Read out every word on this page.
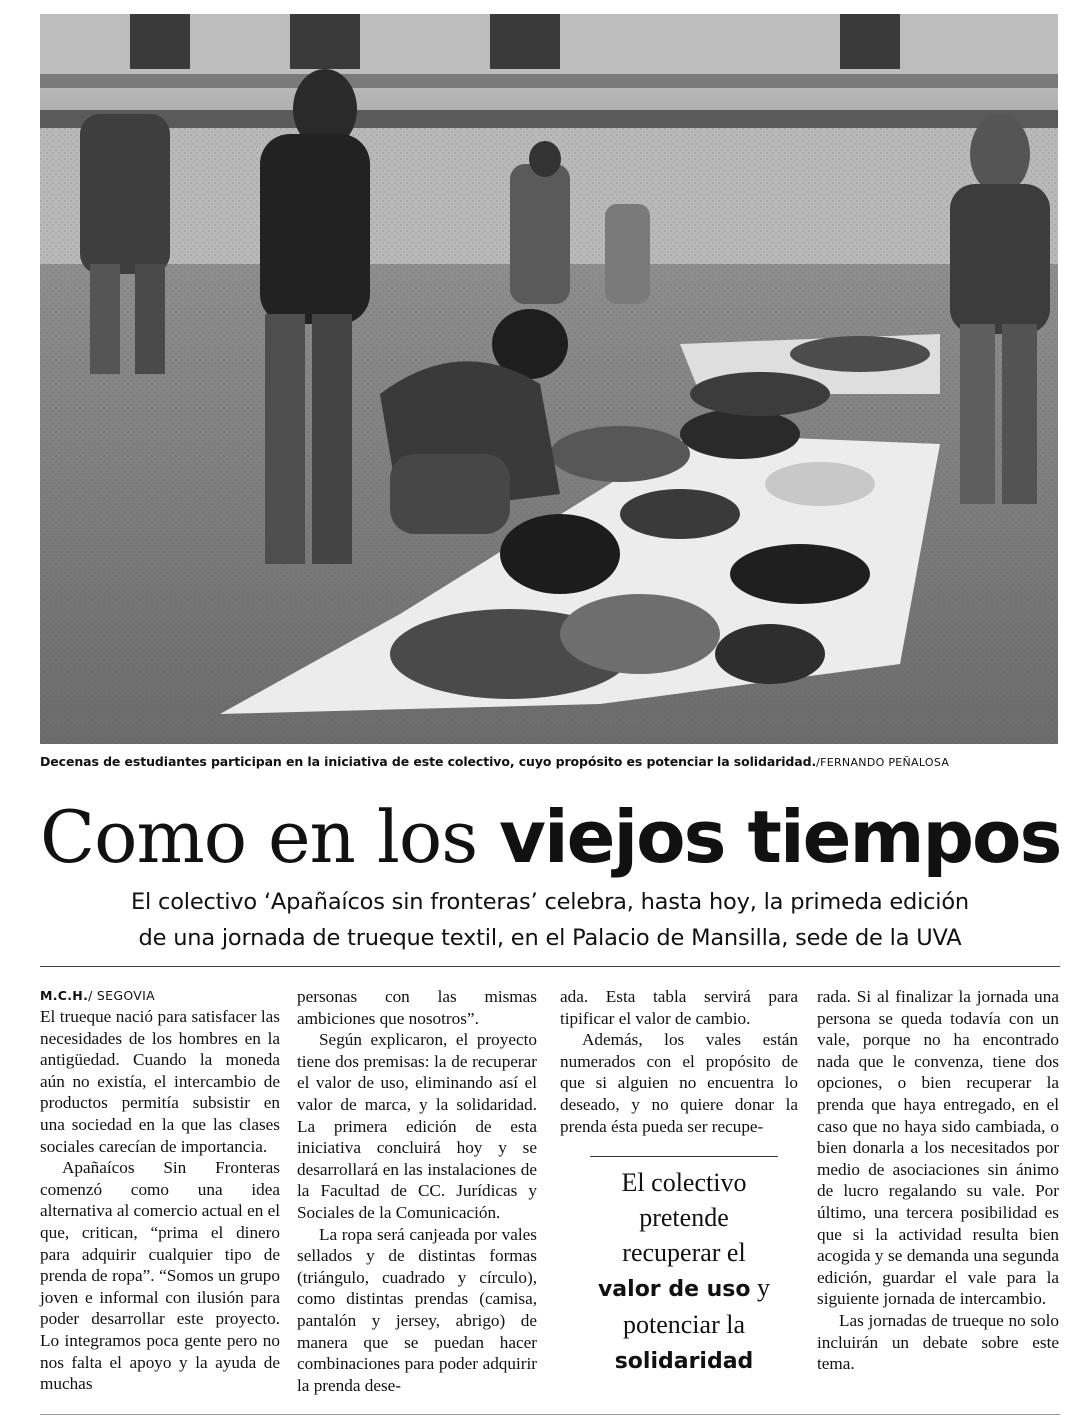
Decenas de estudiantes participan en la iniciativa de este colectivo, cuyo propósito es potenciar la solidaridad./FERNANDO PEÑALOSA
Como en los viejos tiempos
El colectivo ‘Apañaícos sin fronteras’ celebra, hasta hoy, la primeda edición
de una jornada de trueque textil, en el Palacio de Mansilla, sede de la UVA
M.C.H./ SEGOVIA

El trueque nació para satisfacer las necesidades de los hombres en la antigüedad. Cuando la moneda aún no existía, el intercambio de productos permitía subsistir en una sociedad en la que las clases sociales carecían de importancia.

Apañaícos Sin Fronteras comenzó como una idea alternativa al comercio actual en el que, critican, “prima el dinero para adquirir cualquier tipo de prenda de ropa”. “Somos un grupo joven e informal con ilusión para poder desarrollar este proyecto. Lo integramos poca gente pero no nos falta el apoyo y la ayuda de muchas

personas con las mismas ambiciones que nosotros”.

Según explicaron, el proyecto tiene dos premisas: la de recuperar el valor de uso, eliminando así el valor de marca, y la solidaridad. La primera edición de esta iniciativa concluirá hoy y se desarrollará en las instalaciones de la Facultad de CC. Jurídicas y Sociales de la Comunicación.

La ropa será canjeada por vales sellados y de distintas formas (triángulo, cuadrado y círculo), como distintas prendas (camisa, pantalón y jersey, abrigo) de manera que se puedan hacer combinaciones para poder adquirir la prenda dese-

ada. Esta tabla servirá para tipificar el valor de cambio.

Además, los vales están numerados con el propósito de que si alguien no encuentra lo deseado, y no quiere donar la prenda ésta pueda ser recupe-

El colectivo pretende recuperar el
valor de uso y potenciar la
solidaridad

rada. Si al finalizar la jornada una persona se queda todavía con un vale, porque no ha encontrado nada que le convenza, tiene dos opciones, o bien recuperar la prenda que haya entregado, en el caso que no haya sido cambiada, o bien donarla a los necesitados por medio de asociaciones sin ánimo de lucro regalando su vale. Por último, una tercera posibilidad es que si la actividad resulta bien acogida y se demanda una segunda edición, guardar el vale para la siguiente jornada de intercambio.

Las jornadas de trueque no solo incluirán un debate sobre este tema.
